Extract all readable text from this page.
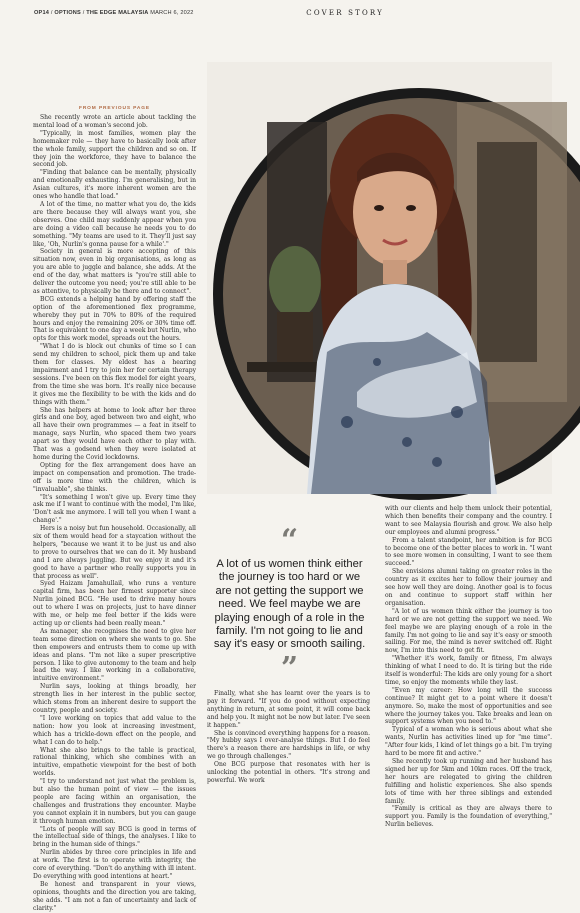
OP14 / OPTIONS / THE EDGE MALAYSIA MARCH 6, 2022	COVER STORY
FROM PREVIOUS PAGE

She recently wrote an article about tackling the mental load of a woman's second job.

"Typically, in most families, women play the homemaker role — they have to basically look after the whole family, support the children and so on. If they join the workforce, they have to balance the second job.

"Finding that balance can be mentally, physically and emotionally exhausting. I'm generalising, but in Asian cultures, it's more inherent women are the ones who handle that load."

A lot of the time, no matter what you do, the kids are there because they will always want you, she observes. One child may suddenly appear when you are doing a video call because he needs you to do something. "My teams are used to it. They'll just say like, 'Oh, Nurlin's gonna pause for a while'."

Society in general is more accepting of this situation now, even in big organisations, as long as you are able to juggle and balance, she adds. At the end of the day, what matters is "you're still able to deliver the outcome you need; you're still able to be as attentive, to physically be there and to connect".

BCG extends a helping hand by offering staff the option of the aforementioned flex programme, whereby they put in 70% to 80% of the required hours and enjoy the remaining 20% or 30% time off. That is equivalent to one day a week but Nurlin, who opts for this work model, spreads out the hours.

"What I do is block out chunks of time so I can send my children to school, pick them up and take them for classes. My eldest has a hearing impairment and I try to join her for certain therapy sessions. I've been on this flex model for eight years, from the time she was born. It's really nice because it gives me the flexibility to be with the kids and do things with them."

She has helpers at home to look after her three girls and one boy, aged between two and eight, who all have their own programmes — a feat in itself to manage, says Nurlin, who spaced them two years apart so they would have each other to play with. That was a godsend when they were isolated at home during the Covid lockdowns.

Opting for the flex arrangement does have an impact on compensation and promotion. The trade-off is more time with the children, which is "invaluable", she thinks.

"It's something I won't give up. Every time they ask me if I want to continue with the model, I'm like, 'Don't ask me anymore. I will tell you when I want a change'."

Hers is a noisy but fun household. Occasionally, all six of them would head for a staycation without the helpers, "because we want it to be just us and also to prove to ourselves that we can do it. My husband and I are always juggling. But we enjoy it and it's good to have a partner who really supports you in that process as well".

Syed Haizam Jamahullail, who runs a venture capital firm, has been her firmest supporter since Nurlin joined BCG. "He used to drive many hours out to where I was on projects, just to have dinner with me, or help me feel better if the kids were acting up or clients had been really mean."

As manager, she recognises the need to give her team some direction on where she wants to go. She then empowers and entrusts them to come up with ideas and plans. "I'm not like a super prescriptive person. I like to give autonomy to the team and help lead the way. I like working in a collaborative, intuitive environment."

Nurlin says, looking at things broadly, her strength lies in her interest in the public sector, which stems from an inherent desire to support the country, people and society.

"I love working on topics that add value to the nation: how you look at increasing investment, which has a trickle-down effect on the people, and what I can do to help."

What she also brings to the table is practical, rational thinking, which she combines with an intuitive, empathetic viewpoint for the best of both worlds.

"I try to understand not just what the problem is, but also the human point of view — the issues people are facing within an organisation, the challenges and frustrations they encounter. Maybe you cannot explain it in numbers, but you can gauge it through human emotion.

"Lots of people will say BCG is good in terms of the intellectual side of things, the analyses. I like to bring in the human side of things."

Nurlin abides by three core principles in life and at work. The first is to operate with integrity, the core of everything. "Don't do anything with ill intent. Do everything with good intentions at heart."

Be honest and transparent in your views, opinions, thoughts and the direction you are taking, she adds. "I am not a fan of uncertainty and lack of clarity."

“
A lot of us women think either the journey is too hard or we are not getting the support we need. We feel maybe we are playing enough of a role in the family. I'm not going to lie and say it's easy or smooth sailing.
”

Finally, what she has learnt over the years is to pay it forward. "If you do good without expecting anything in return, at some point, it will come back and help you. It might not be now but later. I've seen it happen."

She is convinced everything happens for a reason. "My hubby says I over-analyse things. But I do feel there's a reason there are hardships in life, or why we go through challenges."

One BCG purpose that resonates with her is unlocking the potential in others. "It's strong and powerful. We work

with our clients and help them unlock their potential, which then benefits their company and the country. I want to see Malaysia flourish and grow. We also help our employees and alumni progress."

From a talent standpoint, her ambition is for BCG to become one of the better places to work in. "I want to see more women in consulting, I want to see them succeed."

She envisions alumni taking on greater roles in the country as it excites her to follow their journey and see how well they are doing. Another goal is to focus on and continue to support staff within her organisation.

"A lot of us women think either the journey is too hard or we are not getting the support we need. We feel maybe we are playing enough of a role in the family. I'm not going to lie and say it's easy or smooth sailing. For me, the mind is never switched off. Right now, I'm into this need to get fit.

"Whether it's work, family or fitness, I'm always thinking of what I need to do. It is tiring but the ride itself is wonderful: The kids are only young for a short time, so enjoy the moments while they last.

"Even my career: How long will the success continue? It might get to a point where it doesn't anymore. So, make the most of opportunities and see where the journey takes you. Take breaks and lean on support systems when you need to."

Typical of a woman who is serious about what she wants, Nurlin has activities lined up for "me time". "After four kids, I kind of let things go a bit. I'm trying hard to be more fit and active."

She recently took up running and her husband has signed her up for 5km and 10km races. Off the track, her hours are relegated to giving the children fulfilling and holistic experiences. She also spends lots of time with her three siblings and extended family.

"Family is critical as they are always there to support you. Family is the foundation of everything," Nurlin believes.
